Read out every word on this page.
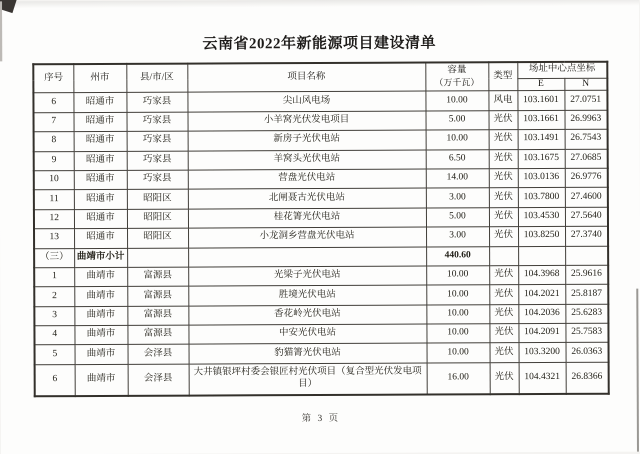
云南省2022年新能源项目建设清单
序号	州市	县/市/区	项目名称	容量
（万千瓦）	类型	场址中心点坐标	
						E	N
6	昭通市	巧家县	尖山风电场	10.00	风电	103.1601	27.0751
7	昭通市	巧家县	小羊窝光伏发电项目	5.00	光伏	103.1661	26.9963
8	昭通市	巧家县	新房子光伏电站	10.00	光伏	103.1491	26.7543
9	昭通市	巧家县	羊窝头光伏电站	6.50	光伏	103.1675	27.0685
10	昭通市	巧家县	营盘光伏电站	14.00	光伏	103.0136	26.9776
11	昭通市	昭阳区	北闸聂古光伏电站	3.00	光伏	103.7800	27.4600
12	昭通市	昭阳区	桂花箐光伏电站	5.00	光伏	103.4530	27.5640
13	昭通市	昭阳区	小龙洞乡营盘光伏电站	3.00	光伏	103.8250	27.3740
（三）	曲靖市小计			440.60			
1	曲靖市	富源县	光梁子光伏电站	10.00	光伏	104.3968	25.9616
2	曲靖市	富源县	胜境光伏电站	10.00	光伏	104.2021	25.8187
3	曲靖市	富源县	香花岭光伏电站	10.00	光伏	104.2036	25.6283
4	曲靖市	富源县	中安光伏电站	10.00	光伏	104.2091	25.7583
5	曲靖市	会泽县	豹猫箐光伏电站	10.00	光伏	103.3200	26.0363
6	曲靖市	会泽县	大井镇银坪村委会银匠村光伏项目（复合型光伏发电项目）	16.00	光伏	104.4321	26.8366
第 3 页
